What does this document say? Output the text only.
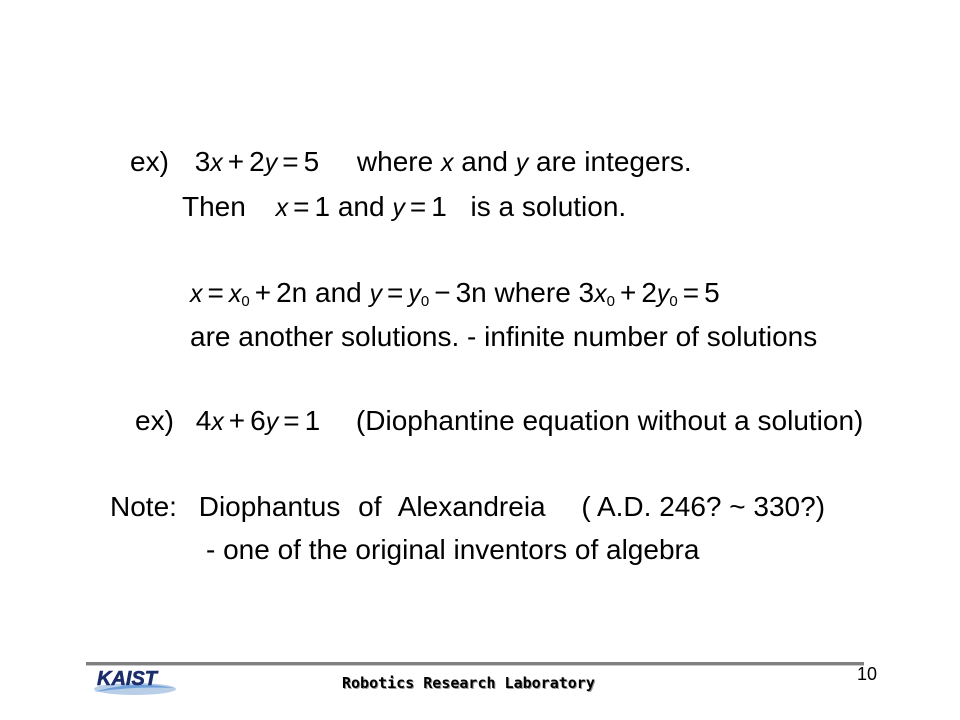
ex) 3x + 2y = 5 where x and y are integers.
Then x = 1 and y = 1 is a solution.
$x = x_0 + 2n$ and $y = y_0 - 3n$ where $3x_0 + 2y_0 = 5$
are another solutions. - infinite number of solutions
ex) 4x + 6y = 1 (Diophantine equation without a solution)
Note: Diophantus of Alexandreia ( A.D. 246? ~ 330?)
- one of the original inventors of algebra
KAIST	Robotics Research Laboratory	10
